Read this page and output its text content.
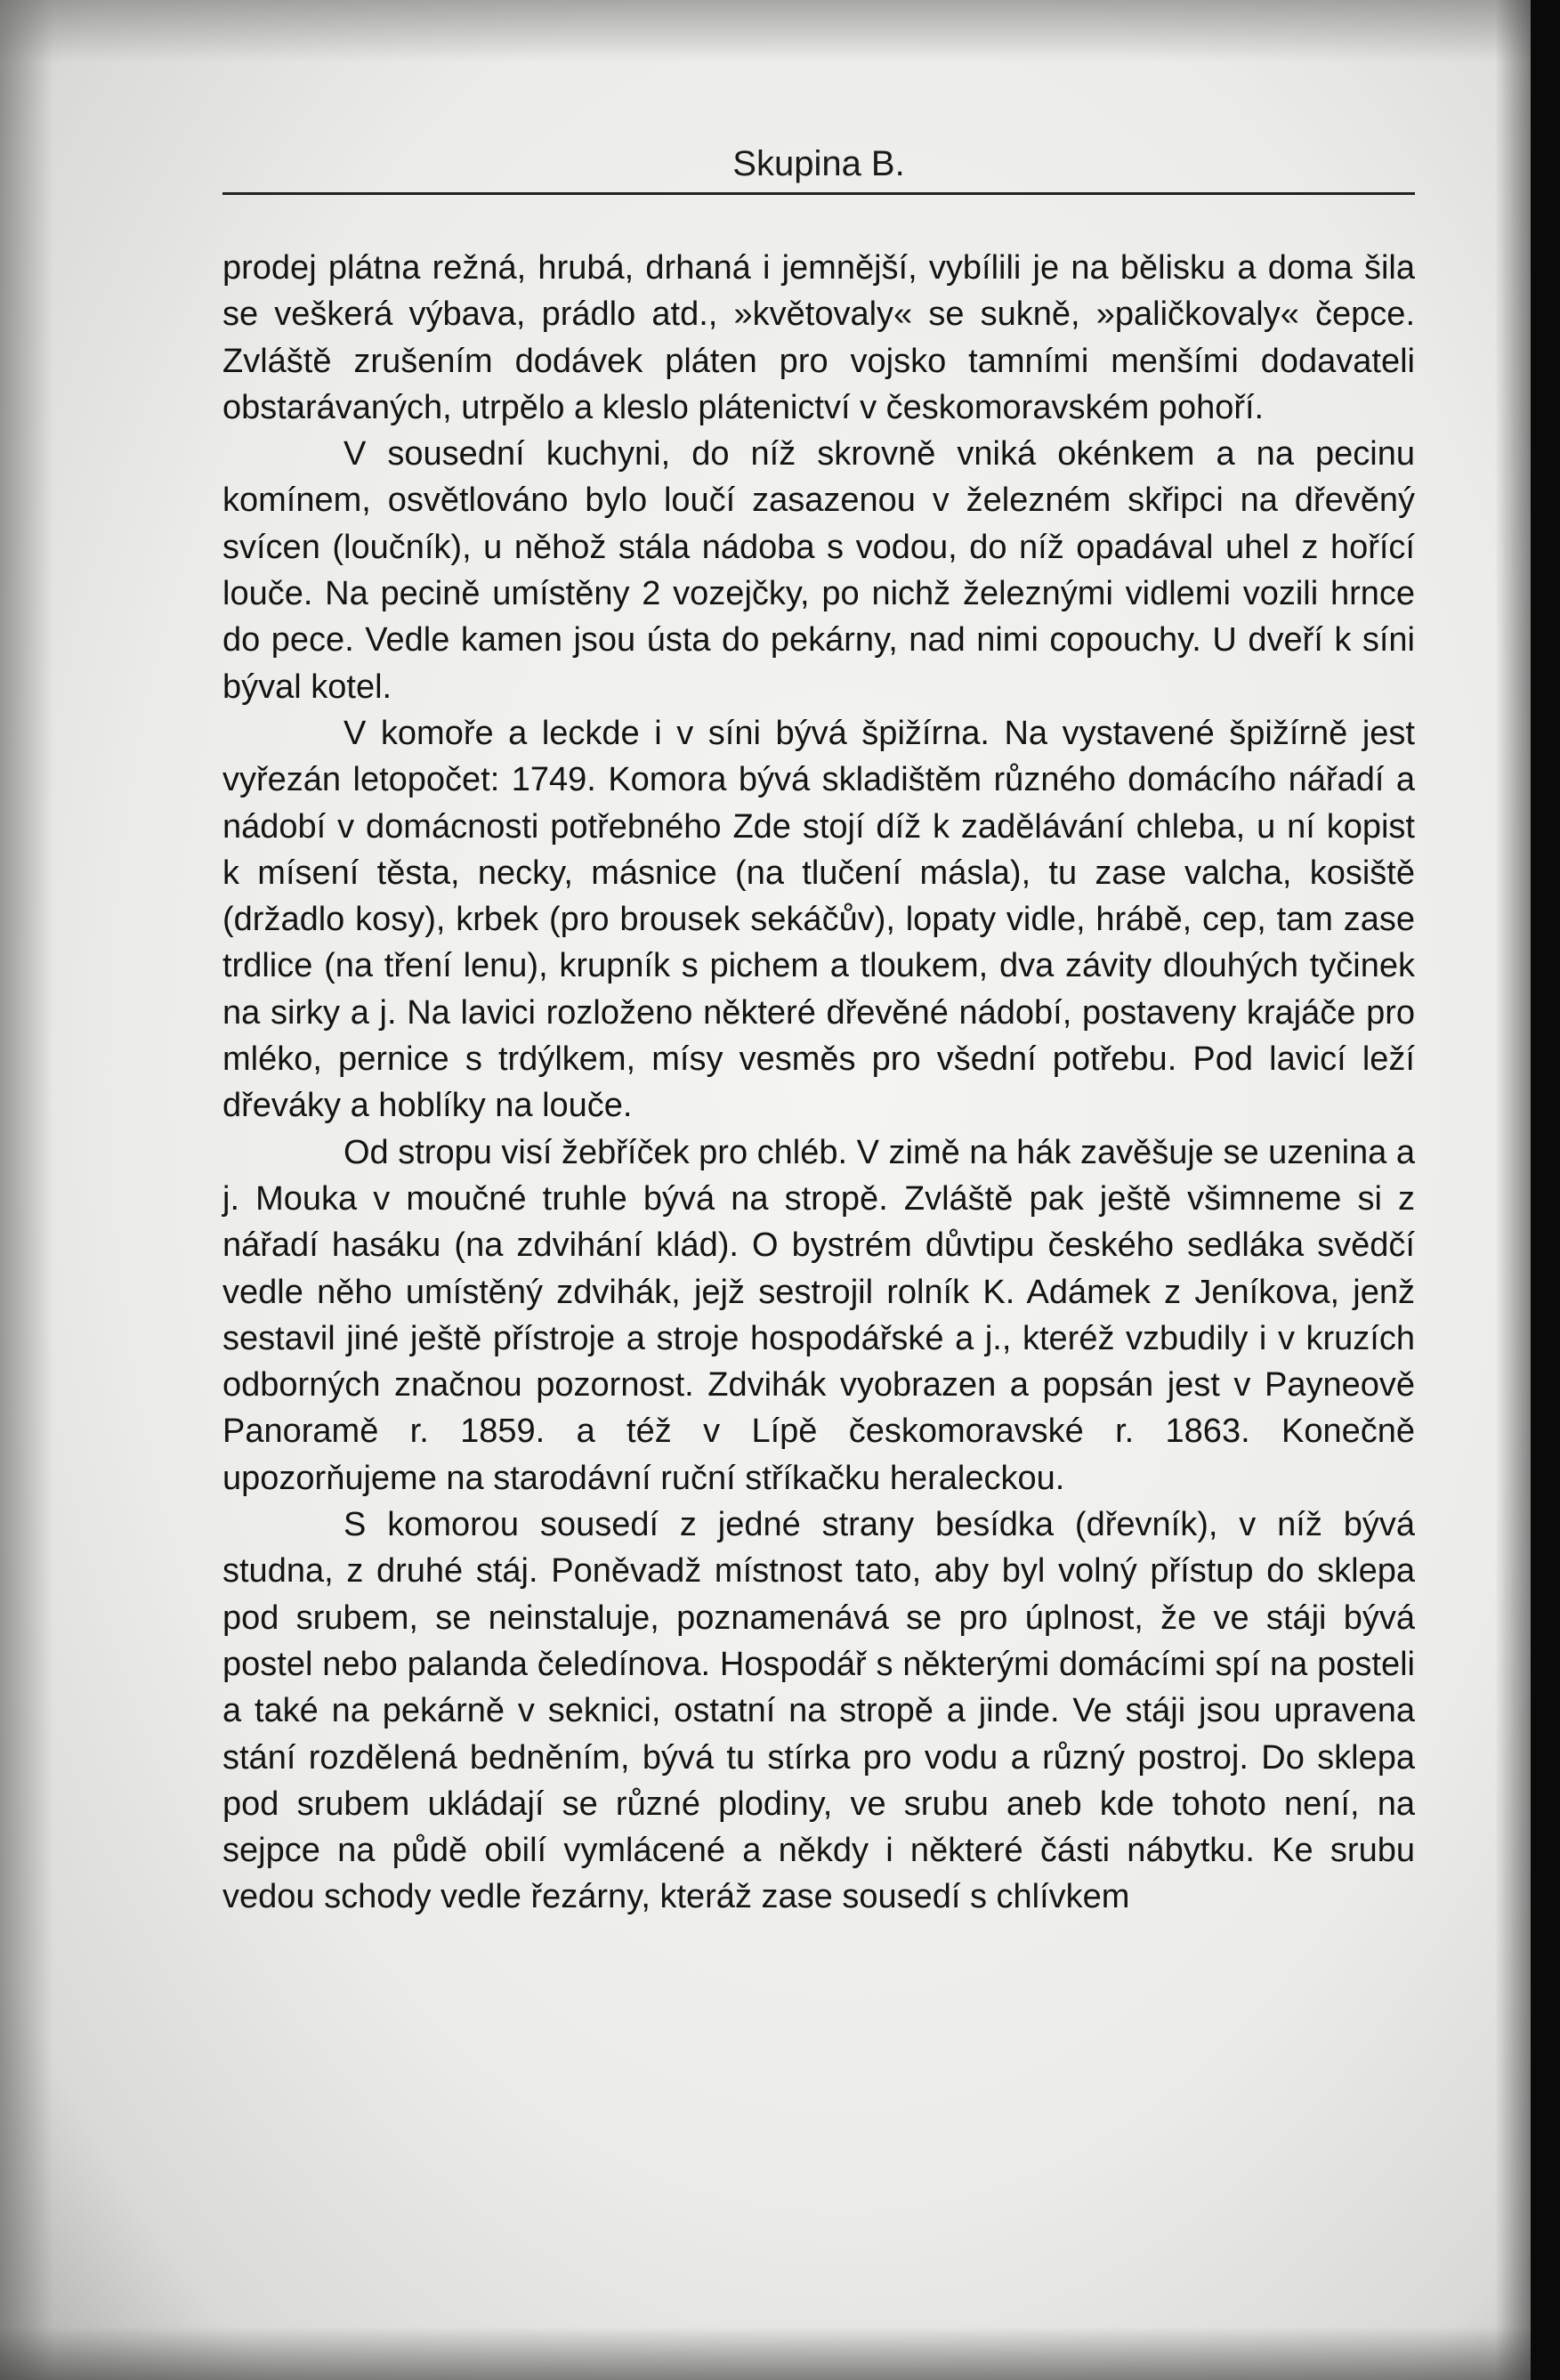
Skupina B.

prodej plátna režná, hrubá, drhaná i jemnější, vybílili je na bělisku a doma šila se veškerá výbava, prádlo atd., »květovaly« se sukně, »paličkovaly« čepce. Zvláště zrušením dodávek pláten pro vojsko tamními menšími dodavateli obstarávaných, utrpělo a kleslo plátenictví v českomoravském pohoří.

V sousední kuchyni, do níž skrovně vniká okénkem a na pecinu komínem, osvětlováno bylo loučí zasazenou v železném skřipci na dřevěný svícen (loučník), u něhož stála nádoba s vodou, do níž opadával uhel z hořící louče. Na pecině umístěny 2 vozejčky, po nichž železnými vidlemi vozili hrnce do pece. Vedle kamen jsou ústa do pekárny, nad nimi copouchy. U dveří k síni býval kotel.

V komoře a leckde i v síni bývá špižírna. Na vystavené špižírně jest vyřezán letopočet: 1749. Komora bývá skladištěm různého domácího nářadí a nádobí v domácnosti potřebného Zde stojí díž k zadělávání chleba, u ní kopist k mísení těsta, necky, másnice (na tlučení másla), tu zase valcha, kosiště (držadlo kosy), krbek (pro brousek sekáčův), lopaty vidle, hrábě, cep, tam zase trdlice (na tření lenu), krupník s pichem a tloukem, dva závity dlouhých tyčinek na sirky a j. Na lavici rozloženo některé dřevěné nádobí, postaveny krajáče pro mléko, pernice s trdýlkem, mísy vesměs pro všední potřebu. Pod lavicí leží dřeváky a hoblíky na louče.

Od stropu visí žebříček pro chléb. V zimě na hák zavěšuje se uzenina a j. Mouka v moučné truhle bývá na stropě. Zvláště pak ještě všimneme si z nářadí hasáku (na zdvihání klád). O bystrém důvtipu českého sedláka svědčí vedle něho umístěný zdvihák, jejž sestrojil rolník K. Adámek z Jeníkova, jenž sestavil jiné ještě přístroje a stroje hospodářské a j., kteréž vzbudily i v kruzích odborných značnou pozornost. Zdvihák vyobrazen a popsán jest v Payneově Panoramě r. 1859. a též v Lípě českomoravské r. 1863. Konečně upozorňujeme na starodávní ruční stříkačku heraleckou.

S komorou sousedí z jedné strany besídka (dřevník), v níž bývá studna, z druhé stáj. Poněvadž místnost tato, aby byl volný přístup do sklepa pod srubem, se neinstaluje, poznamenává se pro úplnost, že ve stáji bývá postel nebo palanda čeledínova. Hospodář s některými domácími spí na posteli a také na pekárně v seknici, ostatní na stropě a jinde. Ve stáji jsou upravena stání rozdělená bedněním, bývá tu stírka pro vodu a různý postroj. Do sklepa pod srubem ukládají se různé plodiny, ve srubu aneb kde tohoto není, na sejpce na půdě obilí vymlácené a někdy i některé části nábytku. Ke srubu vedou schody vedle řezárny, kteráž zase sousedí s chlívkem
